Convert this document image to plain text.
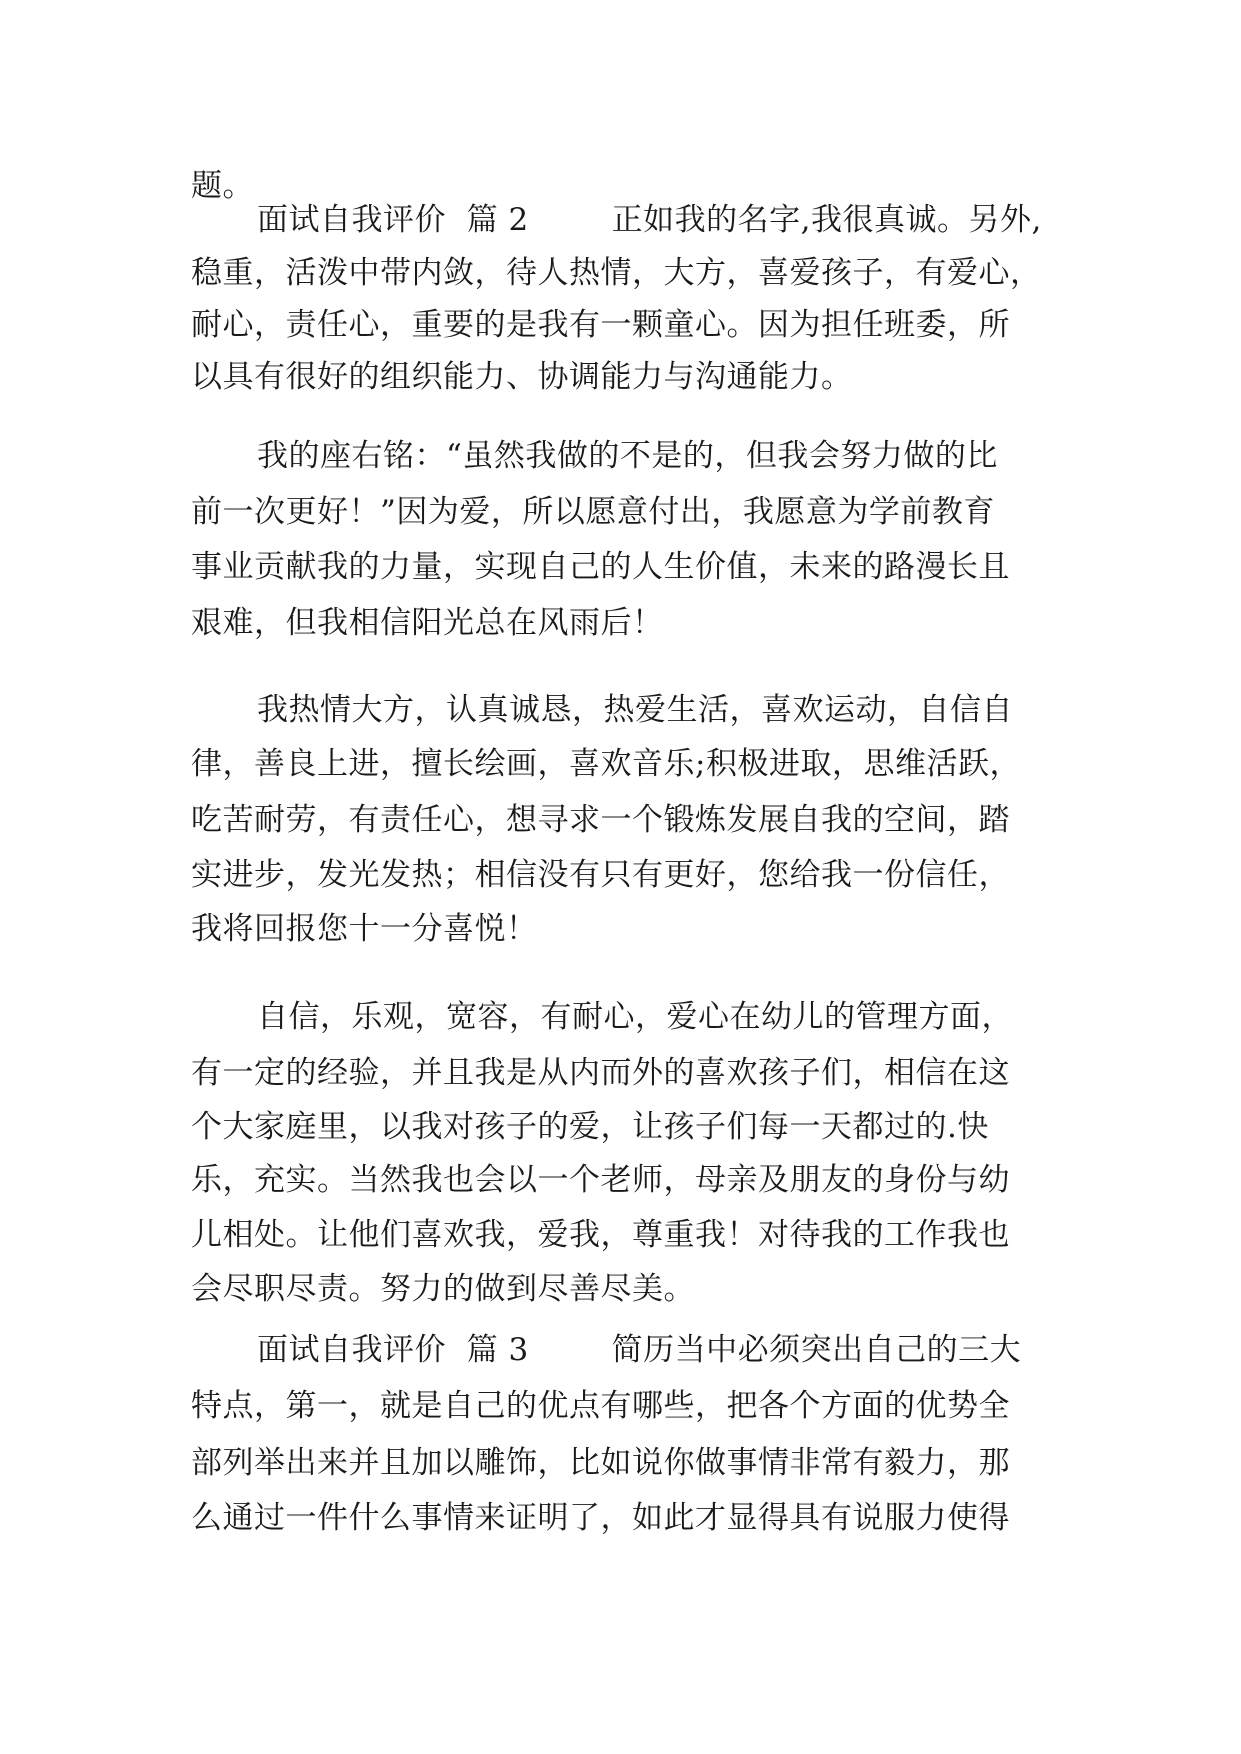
题。
面试自我评价  篇 2        正如我的名字,我很真诚。另外,
稳重，活泼中带内敛，待人热情，大方，喜爱孩子，有爱心，
耐心，责任心，重要的是我有一颗童心。因为担任班委，所
以具有很好的组织能力、协调能力与沟通能力。
我的座右铭：“虽然我做的不是的，但我会努力做的比
前一次更好！”因为爱，所以愿意付出，我愿意为学前教育
事业贡献我的力量，实现自己的人生价值，未来的路漫长且
艰难，但我相信阳光总在风雨后！
我热情大方，认真诚恳，热爱生活，喜欢运动，自信自
律，善良上进，擅长绘画，喜欢音乐;积极进取，思维活跃，
吃苦耐劳，有责任心，想寻求一个锻炼发展自我的空间，踏
实进步，发光发热；相信没有只有更好，您给我一份信任，
我将回报您十一分喜悦！
自信，乐观，宽容，有耐心，爱心在幼儿的管理方面，
有一定的经验，并且我是从内而外的喜欢孩子们，相信在这
个大家庭里，以我对孩子的爱，让孩子们每一天都过的.快
乐，充实。当然我也会以一个老师，母亲及朋友的身份与幼
儿相处。让他们喜欢我，爱我，尊重我！对待我的工作我也
会尽职尽责。努力的做到尽善尽美。
面试自我评价  篇 3        简历当中必须突出自己的三大
特点，第一，就是自己的优点有哪些，把各个方面的优势全
部列举出来并且加以雕饰，比如说你做事情非常有毅力，那
么通过一件什么事情来证明了，如此才显得具有说服力使得
